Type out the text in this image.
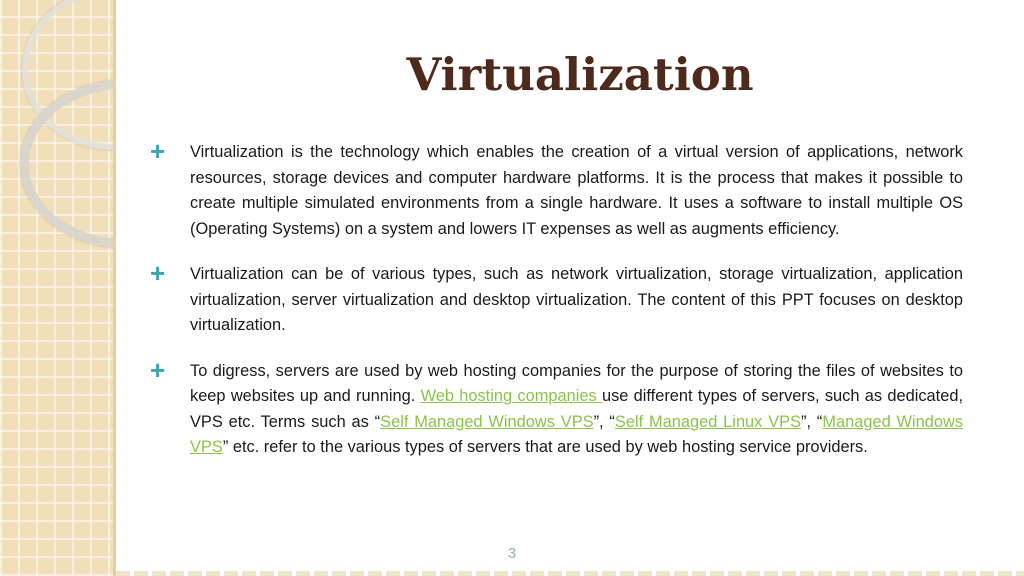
Virtualization
+ Virtualization is the technology which enables the creation of a virtual version of applications, network resources, storage devices and computer hardware platforms. It is the process that makes it possible to create multiple simulated environments from a single hardware. It uses a software to install multiple OS (Operating Systems) on a system and lowers IT expenses as well as augments efficiency.

+ Virtualization can be of various types, such as network virtualization, storage virtualization, application virtualization, server virtualization and desktop virtualization. The content of this PPT focuses on desktop virtualization.

+ To digress, servers are used by web hosting companies for the purpose of storing the files of websites to keep websites up and running. Web hosting companies use different types of servers, such as dedicated, VPS etc. Terms such as “Self Managed Windows VPS”, “Self Managed Linux VPS”, “Managed Windows VPS” etc. refer to the various types of servers that are used by web hosting service providers.

3
